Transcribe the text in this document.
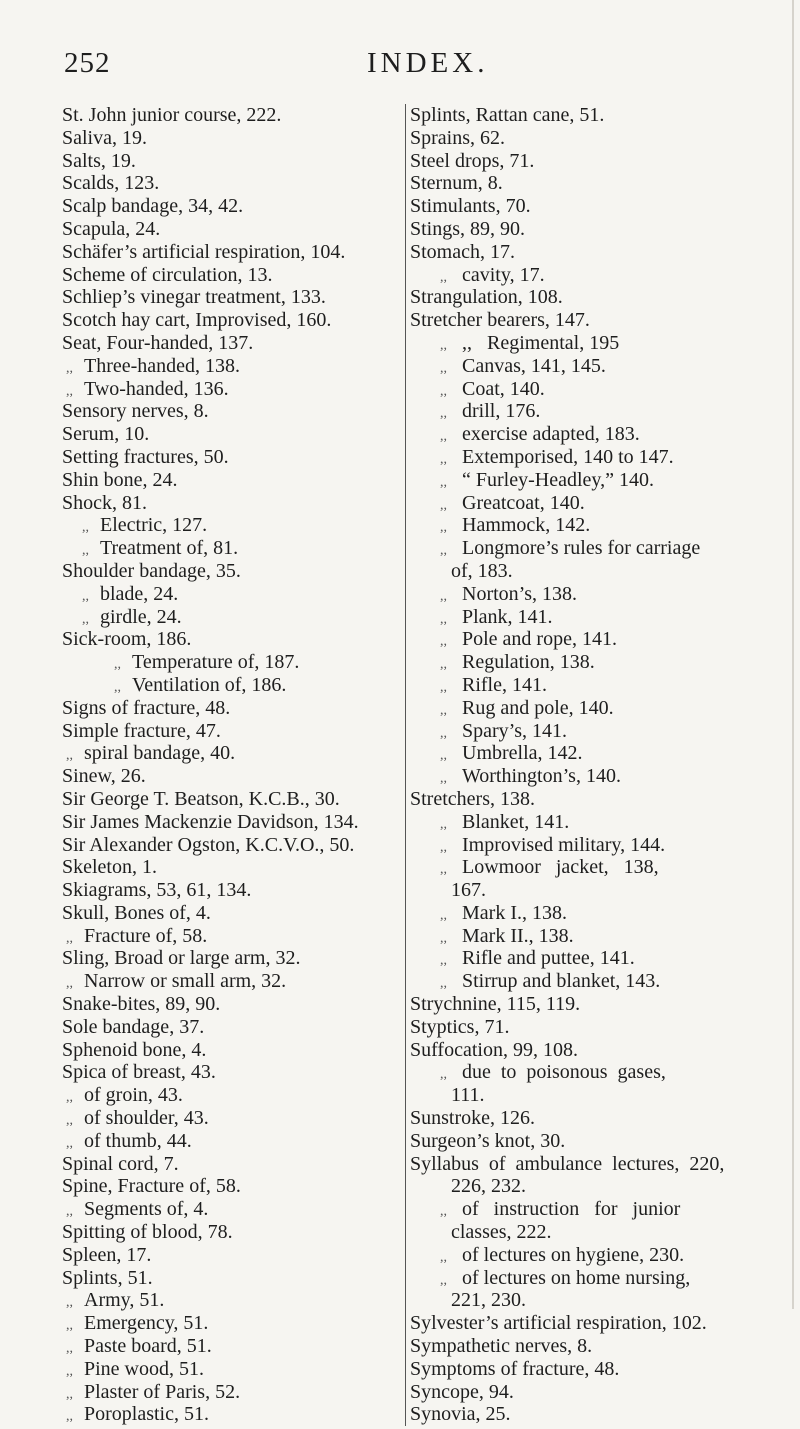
252	INDEX.
St. John junior course, 222.
Saliva, 19.
Salts, 19.
Scalds, 123.
Scalp bandage, 34, 42.
Scapula, 24.
Schäfer’s artificial respiration, 104.
Scheme of circulation, 13.
Schliep’s vinegar treatment, 133.
Scotch hay cart, Improvised, 160.
Seat, Four-handed, 137.
,, Three-handed, 138.
,, Two-handed, 136.
Sensory nerves, 8.
Serum, 10.
Setting fractures, 50.
Shin bone, 24.
Shock, 81.
,, Electric, 127.
,, Treatment of, 81.
Shoulder bandage, 35.
,, blade, 24.
,, girdle, 24.
Sick-room, 186.
,, Temperature of, 187.
,, Ventilation of, 186.
Signs of fracture, 48.
Simple fracture, 47.
,, spiral bandage, 40.
Sinew, 26.
Sir George T. Beatson, K.C.B., 30.
Sir James Mackenzie Davidson, 134.
Sir Alexander Ogston, K.C.V.O., 50.
Skeleton, 1.
Skiagrams, 53, 61, 134.
Skull, Bones of, 4.
,, Fracture of, 58.
Sling, Broad or large arm, 32.
,, Narrow or small arm, 32.
Snake-bites, 89, 90.
Sole bandage, 37.
Sphenoid bone, 4.
Spica of breast, 43.
,, of groin, 43.
,, of shoulder, 43.
,, of thumb, 44.
Spinal cord, 7.
Spine, Fracture of, 58.
,, Segments of, 4.
Spitting of blood, 78.
Spleen, 17.
Splints, 51.
,, Army, 51.
,, Emergency, 51.
,, Paste board, 51.
,, Pine wood, 51.
,, Plaster of Paris, 52.
,, Poroplastic, 51.
Splints, Rattan cane, 51.
Sprains, 62.
Steel drops, 71.
Sternum, 8.
Stimulants, 70.
Stings, 89, 90.
Stomach, 17.
,, cavity, 17.
Strangulation, 108.
Stretcher bearers, 147.
,, ,,   Regimental, 195
,, Canvas, 141, 145.
,, Coat, 140.
,, drill, 176.
,, exercise adapted, 183.
,, Extemporised, 140 to 147.
,, “ Furley-Headley,” 140.
,, Greatcoat, 140.
,, Hammock, 142.
,, Longmore’s rules for carriage
of, 183.
,, Norton’s, 138.
,, Plank, 141.
,, Pole and rope, 141.
,, Regulation, 138.
,, Rifle, 141.
,, Rug and pole, 140.
,, Spary’s, 141.
,, Umbrella, 142.
,, Worthington’s, 140.
Stretchers, 138.
,, Blanket, 141.
,, Improvised military, 144.
,, Lowmoor   jacket,   138,
167.
,, Mark I., 138.
,, Mark II., 138.
,, Rifle and puttee, 141.
,, Stirrup and blanket, 143.
Strychnine, 115, 119.
Styptics, 71.
Suffocation, 99, 108.
,, due  to  poisonous  gases,
111.
Sunstroke, 126.
Surgeon’s knot, 30.
Syllabus  of  ambulance  lectures,  220,
226, 232.
,, of   instruction   for   junior
classes, 222.
,, of lectures on hygiene, 230.
,, of lectures on home nursing,
221, 230.
Sylvester’s artificial respiration, 102.
Sympathetic nerves, 8.
Symptoms of fracture, 48.
Syncope, 94.
Synovia, 25.
